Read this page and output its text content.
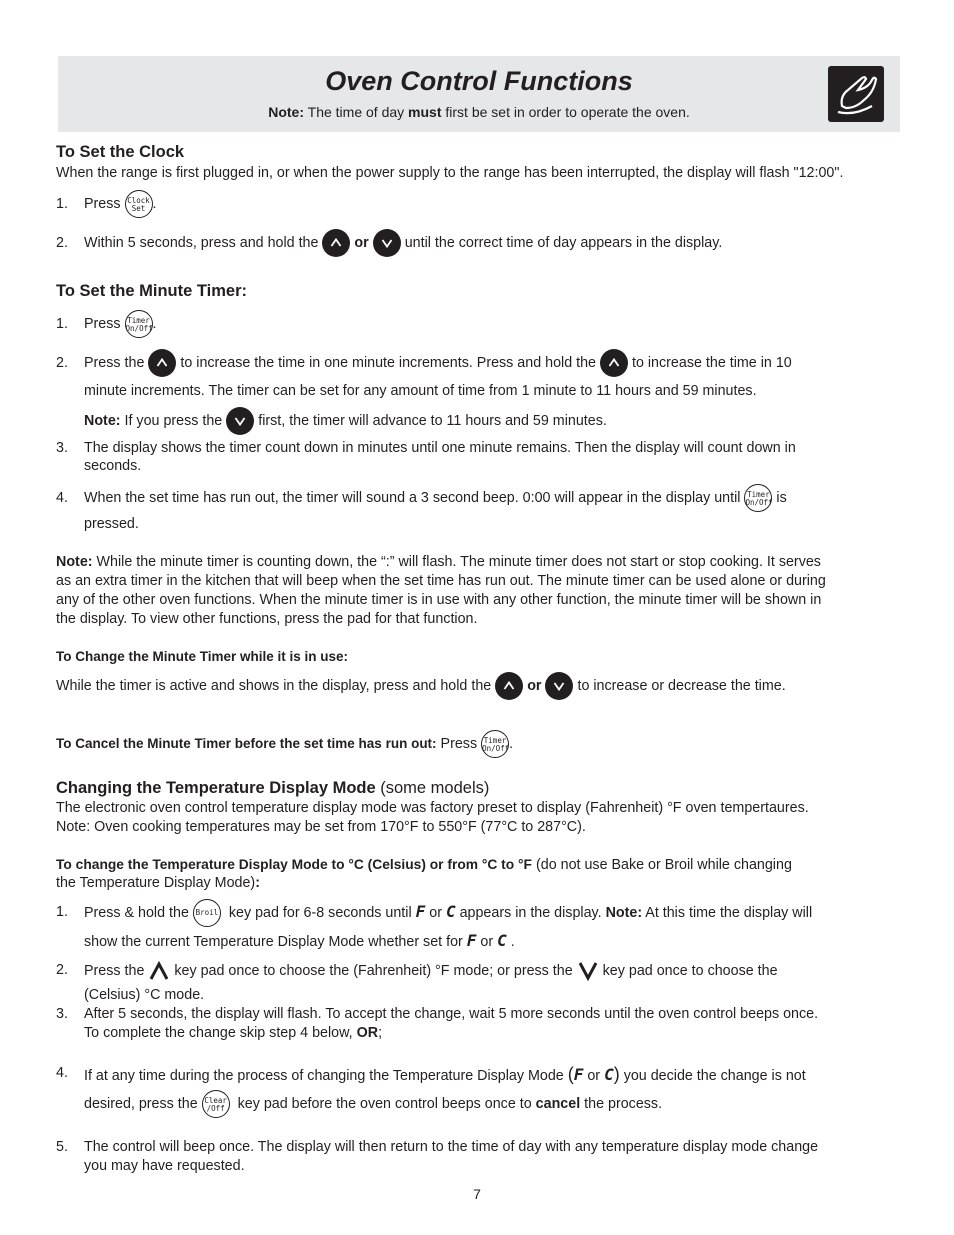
Oven Control Functions
Note: The time of day must first be set in order to operate the oven.
To Set the Clock
When the range is first plugged in, or when the power supply to the range has been interrupted, the display will flash "12:00".
1. Press Clock
Set .
2. Within 5 seconds, press and hold the	or	until the correct time of day appears in the display.
To Set the Minute Timer:
1. Press Timer
On/Off.
2. Press the	to increase the time in one minute increments. Press and hold the	to increase the time in 10
minute increments. The timer can be set for any amount of time from 1 minute to 11 hours and 59 minutes.
Note: If you press the	first, the timer will advance to 11 hours and 59 minutes.
3. The display shows the timer count down in minutes until one minute remains. Then the display will count down in
seconds.
4. When the set time has run out, the timer will sound a 3 second beep. 0:00 will appear in the display until Timer
On/Off is
pressed.
Note: While the minute timer is counting down, the “:” will flash. The minute timer does not start or stop cooking. It serves
as an extra timer in the kitchen that will beep when the set time has run out. The minute timer can be used alone or during
any of the other oven functions. When the minute timer is in use with any other function, the minute timer will be shown in
the display. To view other functions, press the pad for that function.
To Change the Minute Timer while it is in use:
While the timer is active and shows in the display, press and hold the	or	to increase or decrease the time.
To Cancel the Minute Timer before the set time has run out: Press Timer
On/Off.
Changing the Temperature Display Mode (some models)
The electronic oven control temperature display mode was factory preset to display (Fahrenheit) °F oven tempertaures.
Note: Oven cooking temperatures may be set from 170°F to 550°F (77°C to 287°C).
To change the Temperature Display Mode to °C (Celsius) or from °C to °F (do not use Bake or Broil while changing
the Temperature Display Mode):
1. Press & hold the Broil key pad for 6-8 seconds until F or C appears in the display. Note: At this time the display will
show the current Temperature Display Mode whether set for F or C .
2. Press the key pad once to choose the (Fahrenheit) °F mode; or press the key pad once to choose the
(Celsius) °C mode.
3. After 5 seconds, the display will flash. To accept the change, wait 5 more seconds until the oven control beeps once.
To complete the change skip step 4 below, OR;
4. If at any time during the process of changing the Temperature Display Mode (F or C) you decide the change is not
desired, press the Clear
/Off key pad before the oven control beeps once to cancel the process.
5. The control will beep once. The display will then return to the time of day with any temperature display mode change
you may have requested.
7
